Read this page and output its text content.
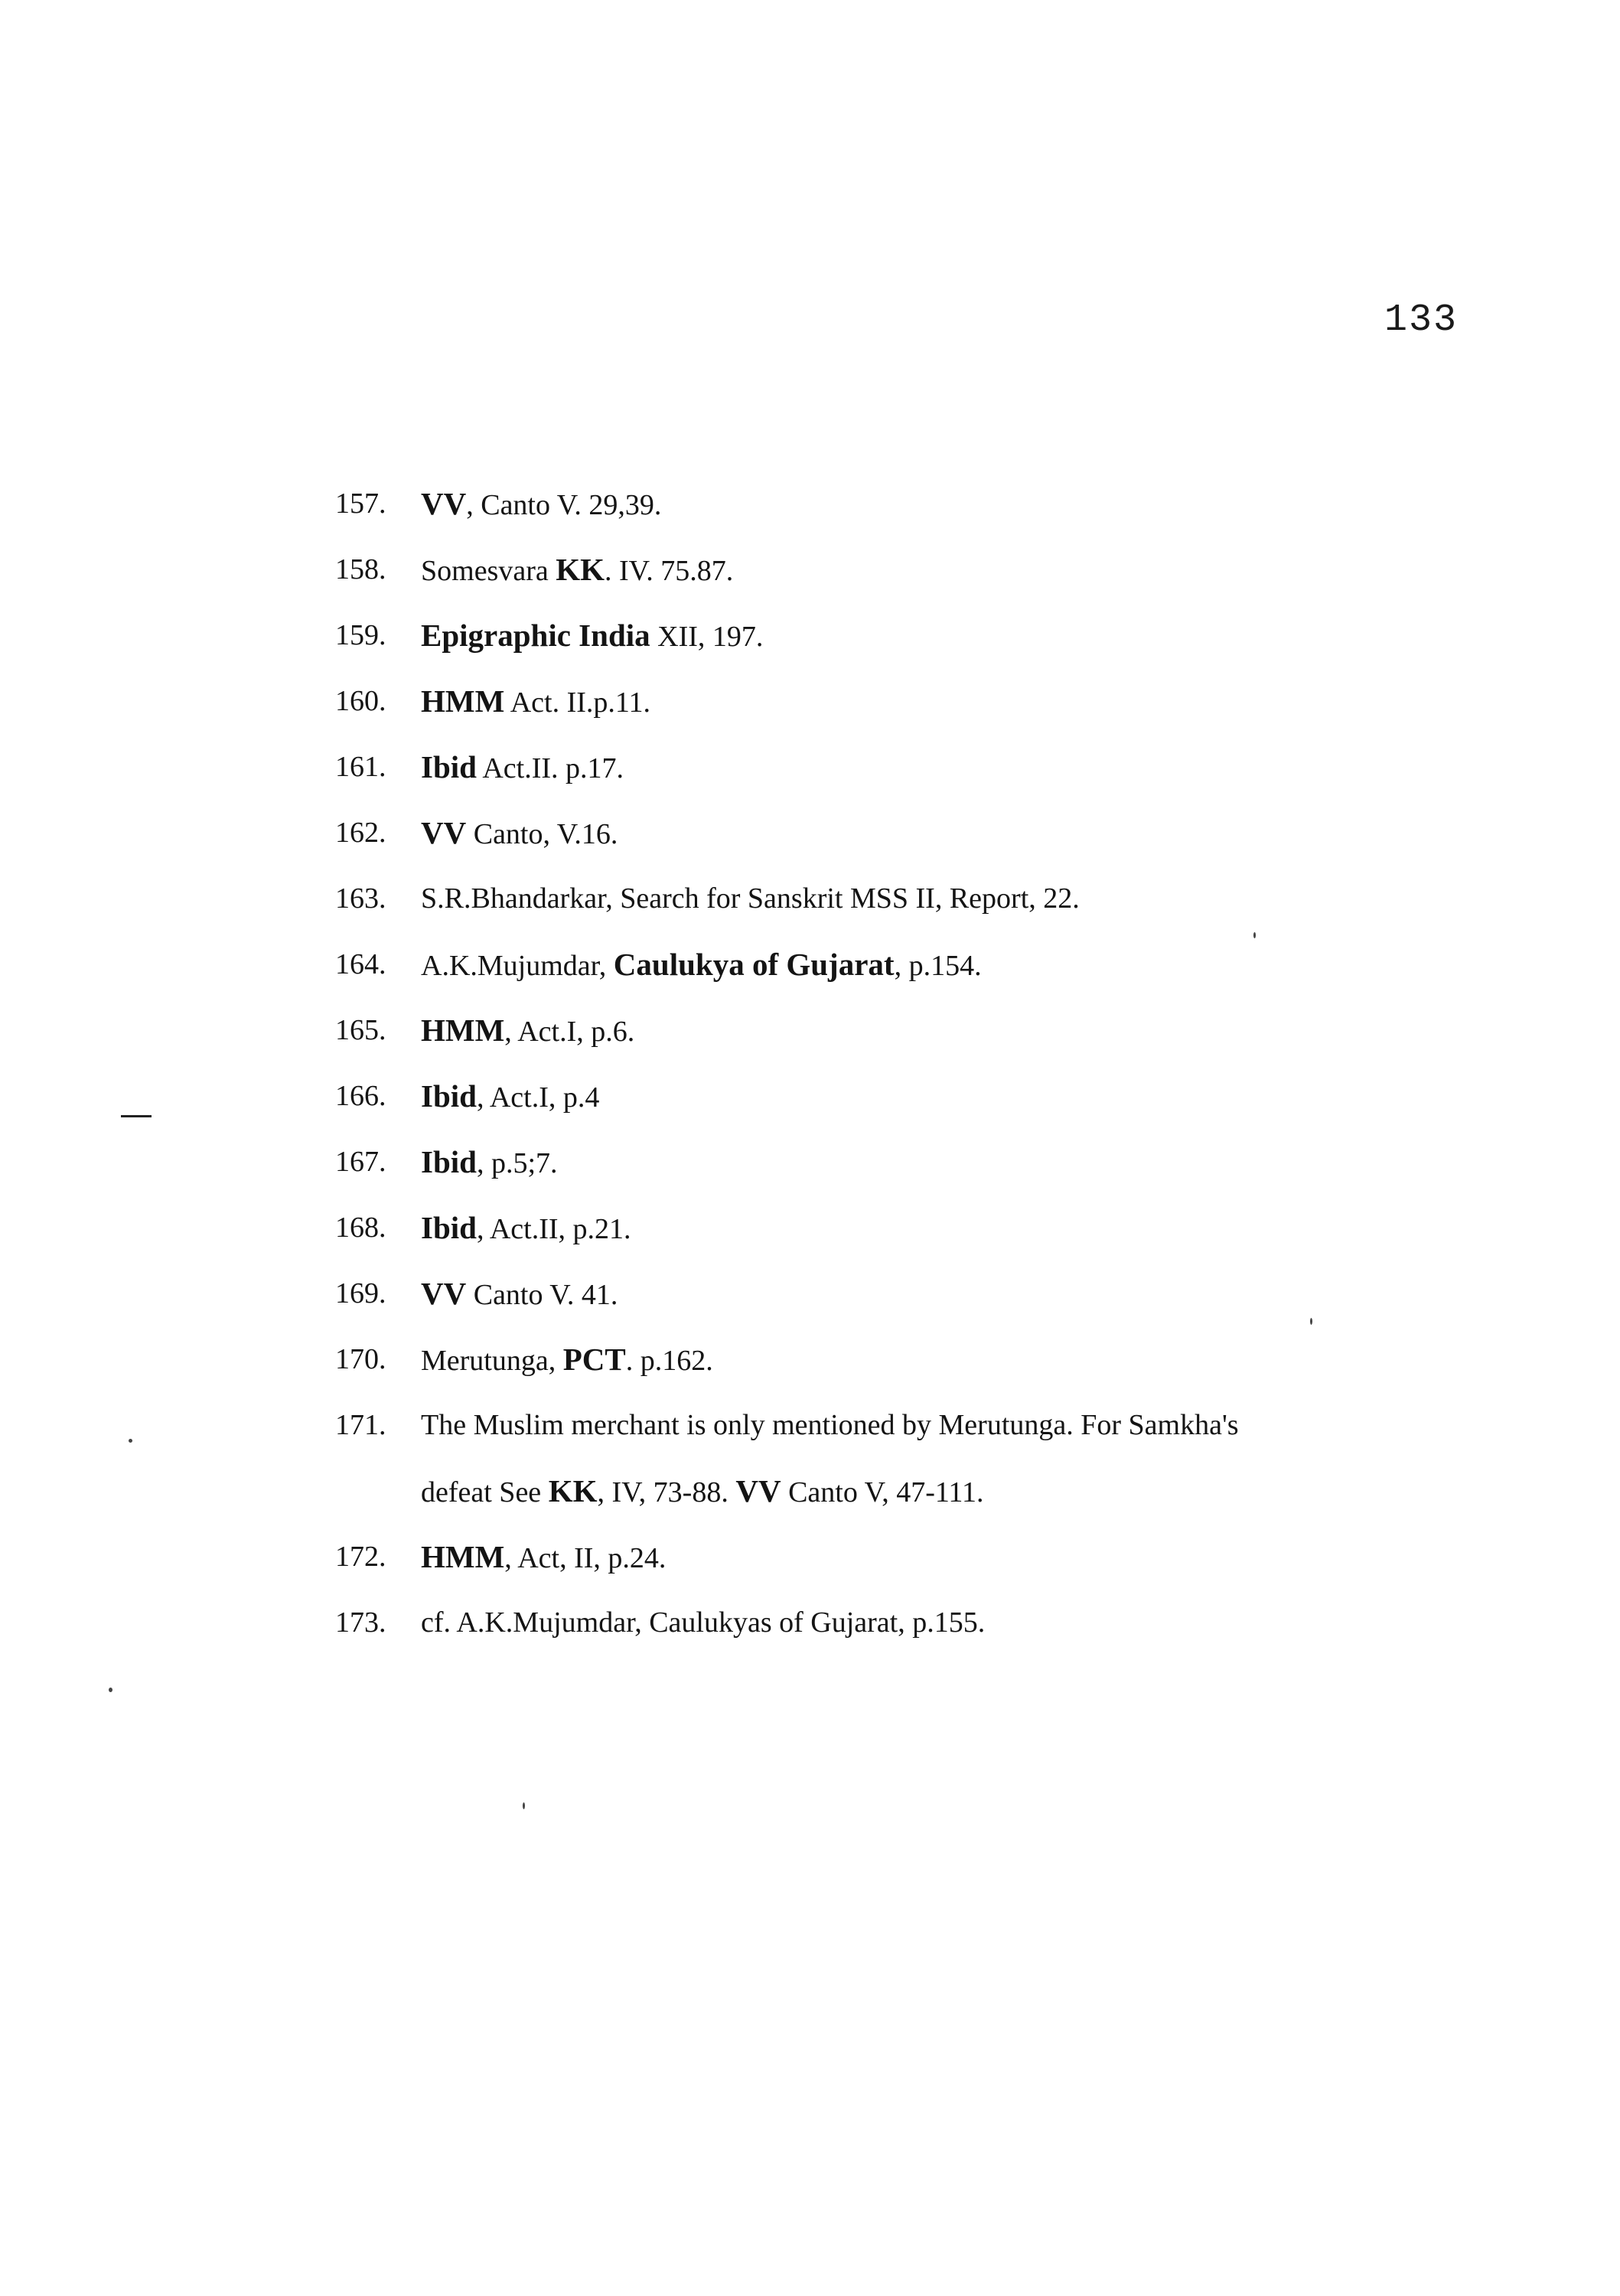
133
157.	VV, Canto V. 29,39.
158.	Somesvara KK. IV. 75.87.
159.	Epigraphic India XII, 197.
160.	HMM Act. II.p.11.
161.	Ibid Act.II. p.17.
162.	VV Canto, V.16.
163.	S.R.Bhandarkar, Search for Sanskrit MSS II, Report, 22.
164.	A.K.Mujumdar, Caulukya of Gujarat, p.154.
165.	HMM, Act.I, p.6.
166.	Ibid, Act.I, p.4
167.	Ibid, p.5;7.
168.	Ibid, Act.II, p.21.
169.	VV Canto V. 41.
170.	Merutunga, PCT. p.162.
171.	The Muslim merchant is only mentioned by Merutunga. For Samkha's
defeat See KK, IV, 73-88. VV Canto V, 47-111.
172.	HMM, Act, II, p.24.
173.	cf. A.K.Mujumdar, Caulukyas of Gujarat, p.155.
